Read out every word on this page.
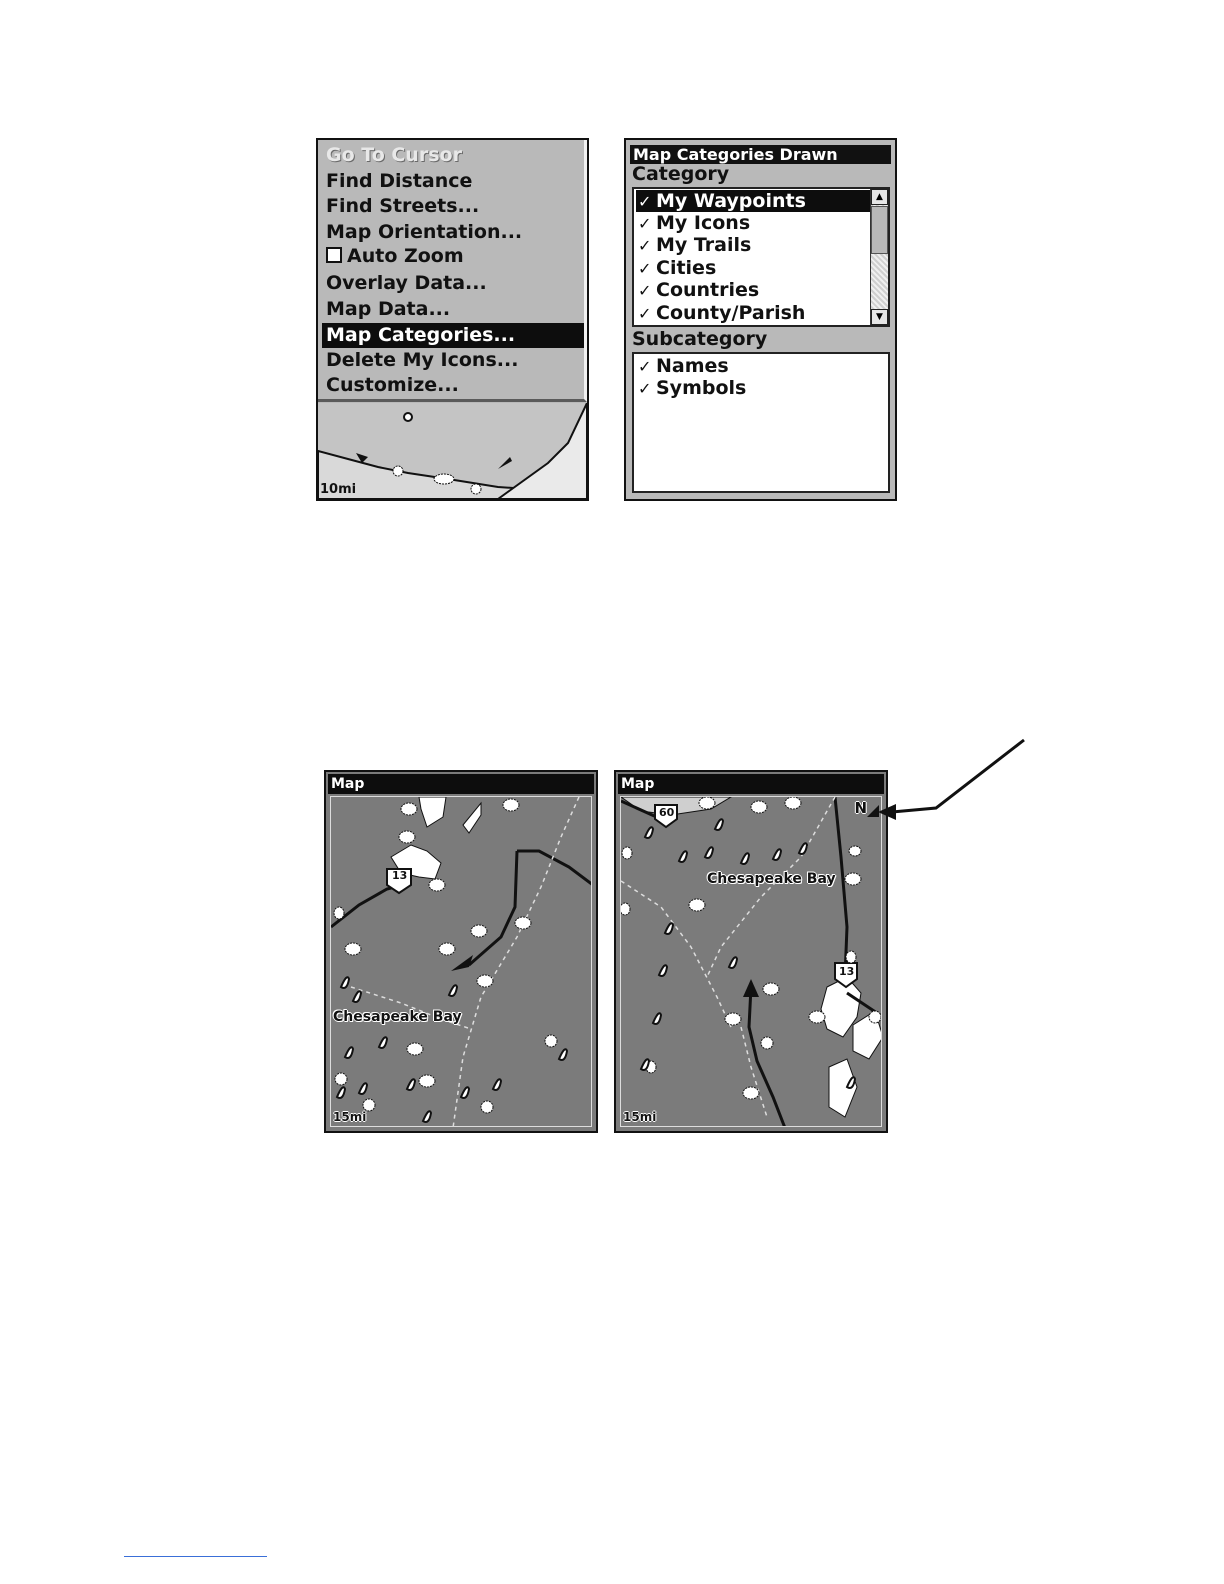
Go To Cursor
Find Distance
Find Streets...
Map Orientation...
Auto Zoom
Overlay Data...
Map Data...
Map Categories...
Delete My Icons...
Customize...
10mi
Map Categories Drawn
Category
✓ My Waypoints
✓ My Icons
✓ My Trails
✓ Cities
✓ Countries
✓ County/Parish
▲
▼
Subcategory
✓ Names
✓ Symbols
Map
Chesapeake Bay
13
15mi
Map
Chesapeake Bay
60
13
N
15mi
